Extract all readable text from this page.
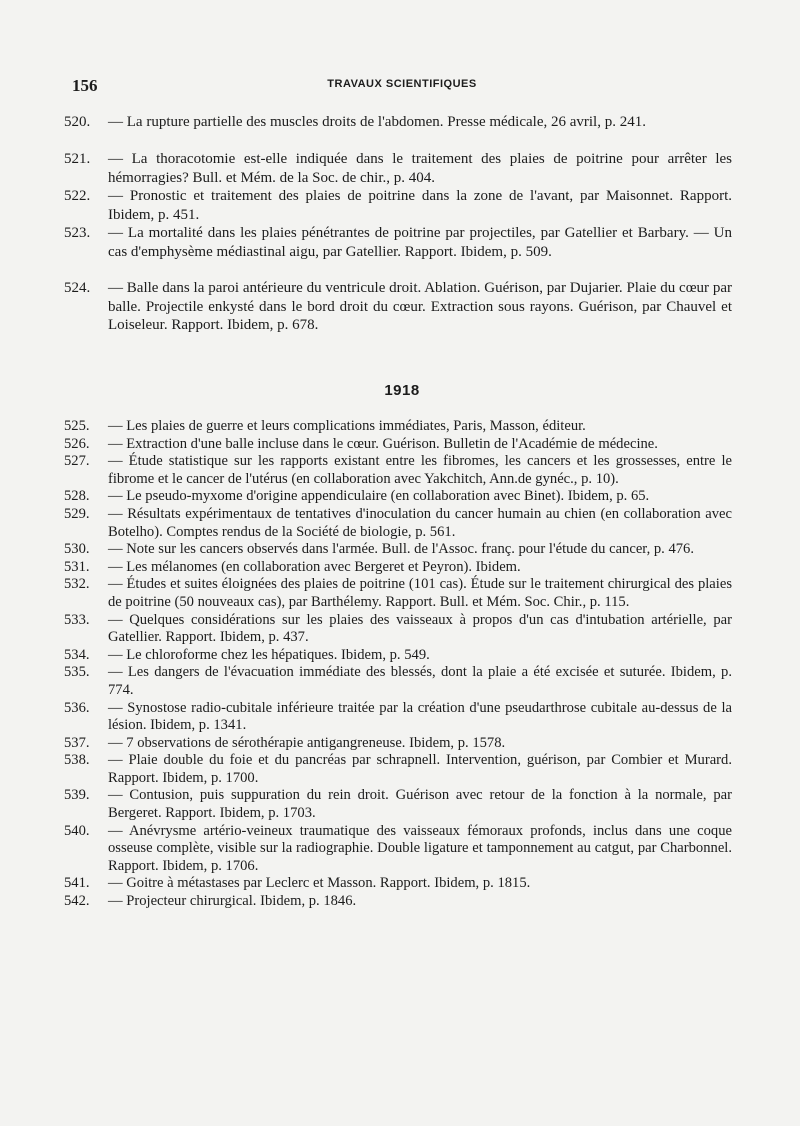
156	TRAVAUX SCIENTIFIQUES
520.	— La rupture partielle des muscles droits de l'abdomen. Presse médicale, 26 avril, p. 241.
521.	— La thoracotomie est-elle indiquée dans le traitement des plaies de poitrine pour arrêter les hémorragies? Bull. et Mém. de la Soc. de chir., p. 404.
522.	— Pronostic et traitement des plaies de poitrine dans la zone de l'avant, par Maisonnet. Rapport. Ibidem, p. 451.
523.	— La mortalité dans les plaies pénétrantes de poitrine par projectiles, par Gatellier et Barbary. — Un cas d'emphysème médiastinal aigu, par Gatellier. Rapport. Ibidem, p. 509.
524.	— Balle dans la paroi antérieure du ventricule droit. Ablation. Guérison, par Dujarier. Plaie du cœur par balle. Projectile enkysté dans le bord droit du cœur. Extraction sous rayons. Guérison, par Chauvel et Loiseleur. Rapport. Ibidem, p. 678.
1918
525.	— Les plaies de guerre et leurs complications immédiates, Paris, Masson, éditeur.
526.	— Extraction d'une balle incluse dans le cœur. Guérison. Bulletin de l'Académie de médecine.
527.	— Étude statistique sur les rapports existant entre les fibromes, les cancers et les grossesses, entre le fibrome et le cancer de l'utérus (en collaboration avec Yakchitch, Ann.de gynéc., p. 10).
528.	— Le pseudo-myxome d'origine appendiculaire (en collaboration avec Binet). Ibidem, p. 65.
529.	— Résultats expérimentaux de tentatives d'inoculation du cancer humain au chien (en collaboration avec Botelho). Comptes rendus de la Société de biologie, p. 561.
530.	— Note sur les cancers observés dans l'armée. Bull. de l'Assoc. franç. pour l'étude du cancer, p. 476.
531.	— Les mélanomes (en collaboration avec Bergeret et Peyron). Ibidem.
532.	— Études et suites éloignées des plaies de poitrine (101 cas). Étude sur le traitement chirurgical des plaies de poitrine (50 nouveaux cas), par Barthélemy. Rapport. Bull. et Mém. Soc. Chir., p. 115.
533.	— Quelques considérations sur les plaies des vaisseaux à propos d'un cas d'intubation artérielle, par Gatellier. Rapport. Ibidem, p. 437.
534.	— Le chloroforme chez les hépatiques. Ibidem, p. 549.
535.	— Les dangers de l'évacuation immédiate des blessés, dont la plaie a été excisée et suturée. Ibidem, p. 774.
536.	— Synostose radio-cubitale inférieure traitée par la création d'une pseudarthrose cubitale au-dessus de la lésion. Ibidem, p. 1341.
537.	— 7 observations de sérothérapie antigangreneuse. Ibidem, p. 1578.
538.	— Plaie double du foie et du pancréas par schrapnell. Intervention, guérison, par Combier et Murard. Rapport. Ibidem, p. 1700.
539.	— Contusion, puis suppuration du rein droit. Guérison avec retour de la fonction à la normale, par Bergeret. Rapport. Ibidem, p. 1703.
540.	— Anévrysme artério-veineux traumatique des vaisseaux fémoraux profonds, inclus dans une coque osseuse complète, visible sur la radiographie. Double ligature et tamponnement au catgut, par Charbonnel. Rapport. Ibidem, p. 1706.
541.	— Goitre à métastases par Leclerc et Masson. Rapport. Ibidem, p. 1815.
542.	— Projecteur chirurgical. Ibidem, p. 1846.
